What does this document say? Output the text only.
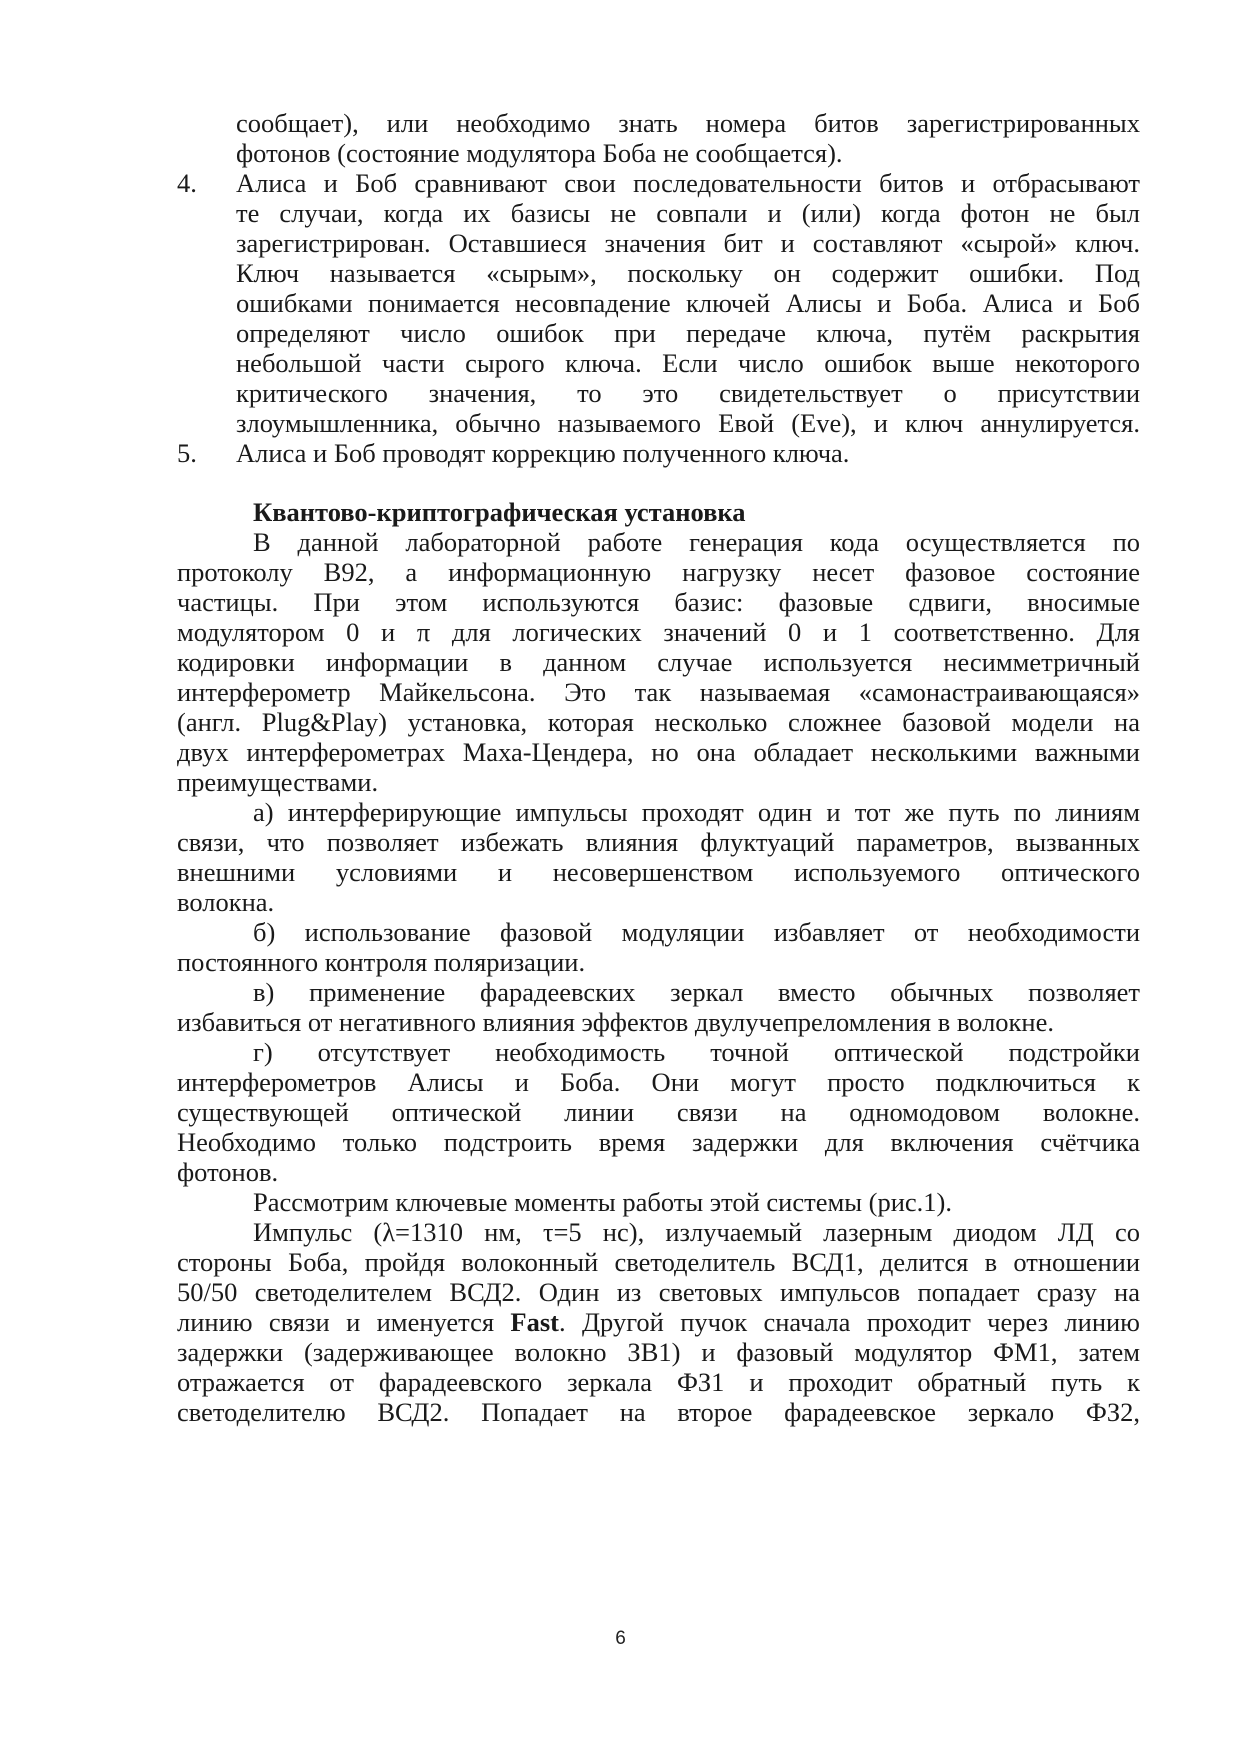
сообщает), или необходимо знать номера битов зарегистрированных
фотонов (состояние модулятора Боба не сообщается).
4.	Алиса и Боб сравнивают свои последовательности битов и отбрасывают
те случаи, когда их базисы не совпали и (или) когда фотон не был
зарегистрирован. Оставшиеся значения бит и составляют «сырой» ключ.
Ключ называется «сырым», поскольку он содержит ошибки. Под
ошибками понимается несовпадение ключей Алисы и Боба. Алиса и Боб
определяют число ошибок при передаче ключа, путём раскрытия
небольшой части сырого ключа. Если число ошибок выше некоторого
критического значения, то это свидетельствует о присутствии
злоумышленника, обычно называемого Евой (Eve), и ключ аннулируется.
5.	Алиса и Боб проводят коррекцию полученного ключа.
Квантово-криптографическая установка
В данной лабораторной работе генерация кода осуществляется по
протоколу B92, а информационную нагрузку несет фазовое состояние
частицы. При этом используются базис: фазовые сдвиги, вносимые
модулятором 0 и π для логических значений 0 и 1 соответственно. Для
кодировки информации в данном случае используется несимметричный
интерферометр Майкельсона. Это так называемая «самонастраивающаяся»
(англ. Plug&Play) установка, которая несколько сложнее базовой модели на
двух интерферометрах Маха-Цендера, но она обладает несколькими важными
преимуществами.
а) интерферирующие импульсы проходят один и тот же путь по линиям
связи, что позволяет избежать влияния флуктуаций параметров, вызванных
внешними условиями и несовершенством используемого оптического
волокна.
б) использование фазовой модуляции избавляет от необходимости
постоянного контроля поляризации.
в) применение фарадеевских зеркал вместо обычных позволяет
избавиться от негативного влияния эффектов двулучепреломления в волокне.
г) отсутствует необходимость точной оптической подстройки
интерферометров Алисы и Боба. Они могут просто подключиться к
существующей оптической линии связи на одномодовом волокне.
Необходимо только подстроить время задержки для включения счётчика
фотонов.
Рассмотрим ключевые моменты работы этой системы (рис.1).
Импульс (λ=1310 нм, τ=5 нс), излучаемый лазерным диодом ЛД со
стороны Боба, пройдя волоконный светоделитель ВСД1, делится в отношении
50/50 светоделителем ВСД2. Один из световых импульсов попадает сразу на
линию связи и именуется Fast. Другой пучок сначала проходит через линию
задержки (задерживающее волокно ЗВ1) и фазовый модулятор ФМ1, затем
отражается от фарадеевского зеркала ФЗ1 и проходит обратный путь к
светоделителю ВСД2. Попадает на второе фарадеевское зеркало ФЗ2,
6
